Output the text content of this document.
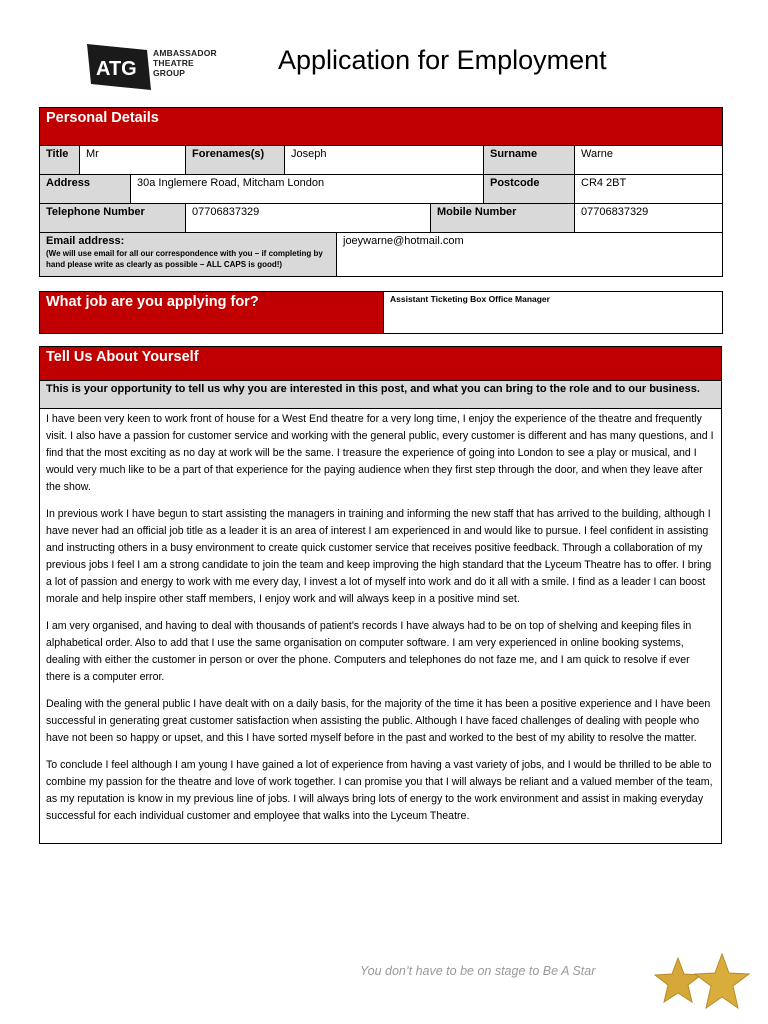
ATG
AMBASSADOR
THEATRE
GROUP	Application for Employment
Personal Details								
Title	Mr		Forenames(s)	Joseph			Surname	Warne
Address		30a Inglemere Road, Mitcham London					Postcode	CR4 2BT
Telephone Number			07706837329			Mobile Number		07706837329
Email address:
(We will use email for all our correspondence with you – if completing by hand please write as clearly as possible – ALL CAPS is good!)					joeywarne@hotmail.com			
What job are you applying for?	Assistant Ticketing Box Office Manager
Tell Us About Yourself
This is your opportunity to tell us why you are interested in this post, and what you can bring to the role and to our business.

I have been very keen to work front of house for a West End theatre for a very long time, I enjoy the experience of the theatre and frequently visit. I also have a passion for customer service and working with the general public, every customer is different and has many questions, and I find that the most exciting as no day at work will be the same. I treasure the experience of going into London to see a play or musical, and I would very much like to be a part of that experience for the paying audience when they first step through the door, and when they leave after the show.

In previous work I have begun to start assisting the managers in training and informing the new staff that has arrived to the building, although I have never had an official job title as a leader it is an area of interest I am experienced in and would like to pursue. I feel confident in assisting and instructing others in a busy environment to create quick customer service that receives positive feedback. Through a collaboration of my previous jobs I feel I am a strong candidate to join the team and keep improving the high standard that the Lyceum Theatre has to offer. I bring a lot of passion and energy to work with me every day, I invest a lot of myself into work and do it all with a smile. I find as a leader I can boost morale and help inspire other staff members, I enjoy work and will always keep in a positive mind set.

I am very organised, and having to deal with thousands of patient’s records I have always had to be on top of shelving and keeping files in alphabetical order. Also to add that I use the same organisation on computer software. I am very experienced in online booking systems, dealing with either the customer in person or over the phone. Computers and telephones do not faze me, and I am quick to resolve if ever there is a computer error.

Dealing with the general public I have dealt with on a daily basis, for the majority of the time it has been a positive experience and I have been successful in generating great customer satisfaction when assisting the public. Although I have faced challenges of dealing with people who have not been so happy or upset, and this I have sorted myself before in the past and worked to the best of my ability to resolve the matter.

To conclude I feel although I am young I have gained a lot of experience from having a vast variety of jobs, and I would be thrilled to be able to combine my passion for the theatre and love of work together. I can promise you that I will always be reliant and a valued member of the team, as my reputation is know in my previous line of jobs. I will always bring lots of energy to the work environment and assist in making everyday successful for each individual customer and employee that walks into the Lyceum Theatre.

You don’t have to be on stage to Be A Star
